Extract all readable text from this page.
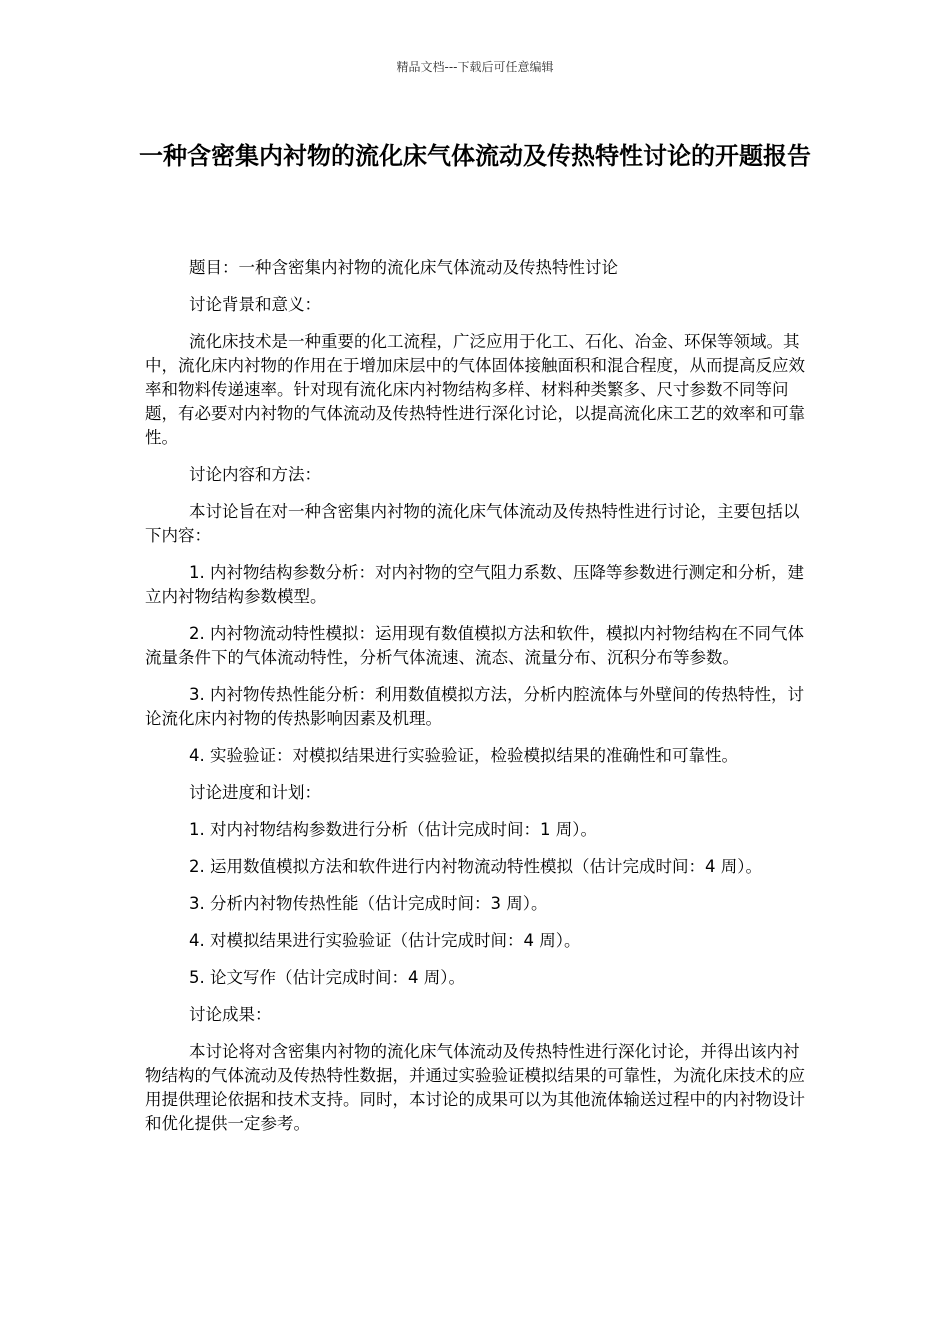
精品文档---下载后可任意编辑
一种含密集内衬物的流化床气体流动及传热特性讨论的开题报告

题目：一种含密集内衬物的流化床气体流动及传热特性讨论

讨论背景和意义：

流化床技术是一种重要的化工流程，广泛应用于化工、石化、冶金、环保等领域。其中，流化床内衬物的作用在于增加床层中的气体固体接触面积和混合程度，从而提高反应效率和物料传递速率。针对现有流化床内衬物结构多样、材料种类繁多、尺寸参数不同等问题，有必要对内衬物的气体流动及传热特性进行深化讨论，以提高流化床工艺的效率和可靠性。

讨论内容和方法：

本讨论旨在对一种含密集内衬物的流化床气体流动及传热特性进行讨论，主要包括以下内容：

1. 内衬物结构参数分析：对内衬物的空气阻力系数、压降等参数进行测定和分析，建立内衬物结构参数模型。

2. 内衬物流动特性模拟：运用现有数值模拟方法和软件，模拟内衬物结构在不同气体流量条件下的气体流动特性，分析气体流速、流态、流量分布、沉积分布等参数。

3. 内衬物传热性能分析：利用数值模拟方法，分析内腔流体与外壁间的传热特性，讨论流化床内衬物的传热影响因素及机理。

4. 实验验证：对模拟结果进行实验验证，检验模拟结果的准确性和可靠性。

讨论进度和计划：

1. 对内衬物结构参数进行分析（估计完成时间：1 周）。

2. 运用数值模拟方法和软件进行内衬物流动特性模拟（估计完成时间：4 周）。

3. 分析内衬物传热性能（估计完成时间：3 周）。

4. 对模拟结果进行实验验证（估计完成时间：4 周）。

5. 论文写作（估计完成时间：4 周）。

讨论成果：

本讨论将对含密集内衬物的流化床气体流动及传热特性进行深化讨论，并得出该内衬物结构的气体流动及传热特性数据，并通过实验验证模拟结果的可靠性，为流化床技术的应用提供理论依据和技术支持。同时，本讨论的成果可以为其他流体输送过程中的内衬物设计和优化提供一定参考。
